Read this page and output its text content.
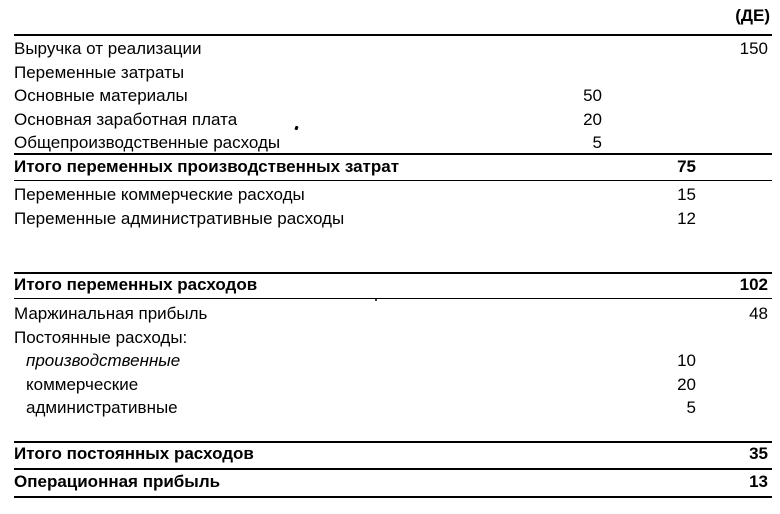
(ДЕ)
Выручка от реализации	150
Переменные затраты
Основные материалы	50
Основная заработная плата	20
Общепроизводственные расходы	5
Итого переменных производственных затрат	75
Переменные коммерческие расходы	15
Переменные административные расходы	12
Итого переменных расходов	102
Маржинальная прибыль	48
Постоянные расходы:
производственные	10
коммерческие	20
административные	5
Итого постоянных расходов	35
Операционная прибыль	13
